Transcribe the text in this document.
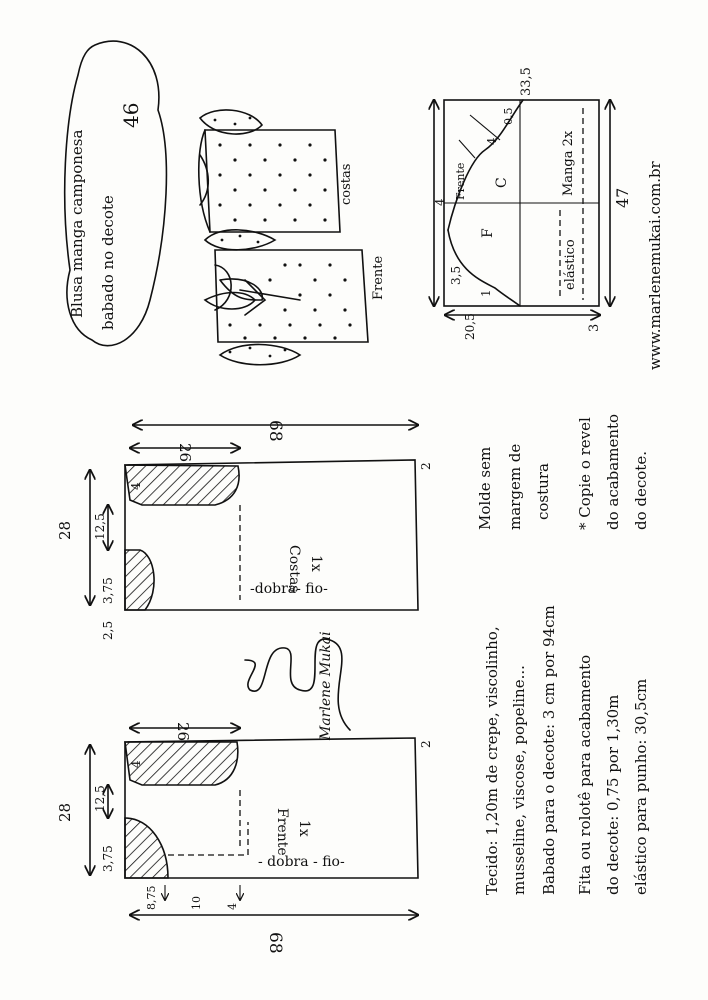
Blusa manga camponesa babado no decote
46
costas
Frente
33,5
47
3
20,5
4
0,5
4
3,5
1
Frente
F
C	Manga 2x
elástico
68
26
28 12,5
3,75
2,5
4
2
Costas 1x
-dobra- fio-
68
26
28
12,5
3,75
8,75	10 4
4
2
Frente 1x
- dobra - fio-
Marlene Mukai	Tecido: 1,20m de crepe, viscolinho, musseline, viscose, popeline... Babado para o decote: 3 cm por 94cm Fita ou rolotê para acabamento do decote: 0,75 por 1,30m elástico para punho: 30,5cm
Molde sem margem de costura * Copie o revel do acabamento do decote.
www.marlenemukai.com.br
